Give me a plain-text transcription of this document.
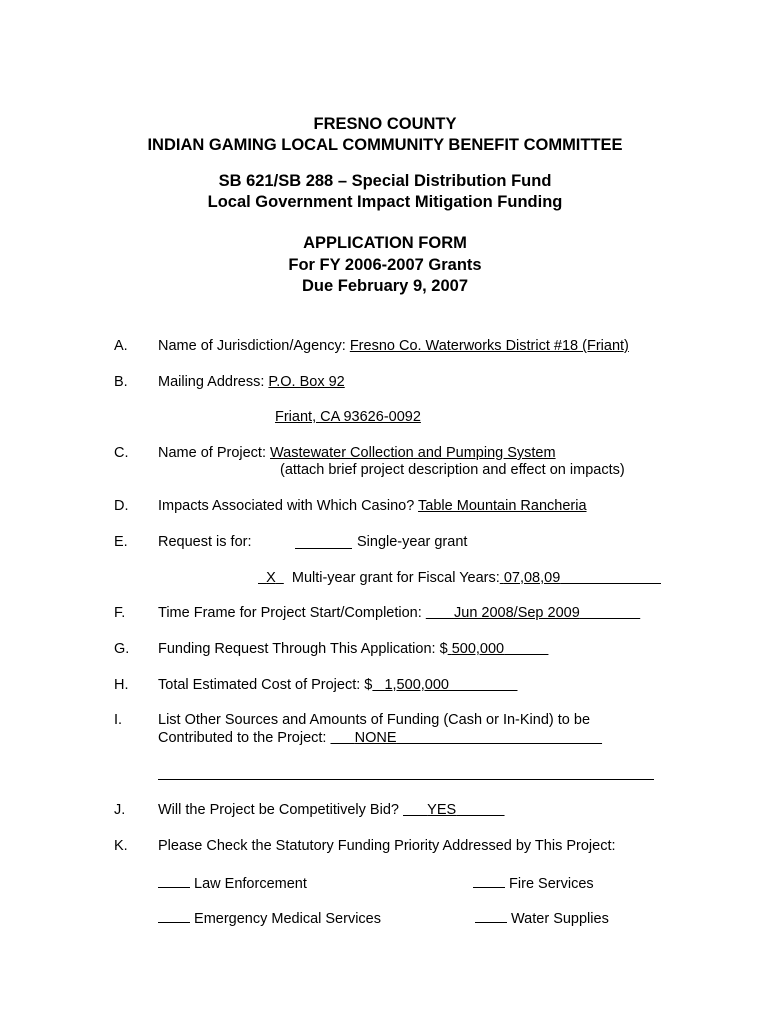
FRESNO COUNTY
INDIAN GAMING LOCAL COMMUNITY BENEFIT COMMITTEE
SB 621/SB 288 – Special Distribution Fund
Local Government Impact Mitigation Funding
APPLICATION FORM
For FY 2006-2007 Grants
Due February 9, 2007
A. Name of Jurisdiction/Agency: Fresno Co. Waterworks District #18 (Friant)
B. Mailing Address: P.O. Box 92
Friant, CA 93626-0092
C. Name of Project: Wastewater Collection and Pumping System
(attach brief project description and effect on impacts)
D. Impacts Associated with Which Casino? Table Mountain Rancheria
E. Request is for:	Single-year grant
X Multi-year grant for Fiscal Years: 07,08,09
F. Time Frame for Project Start/Completion:        Jun 2008/Sep 2009
G. Funding Request Through This Application: $ 500,000
H. Total Estimated Cost of Project: $ 1,500,000
I. List Other Sources and Amounts of Funding (Cash or In-Kind) to be
Contributed to the Project:       NONE
J. Will the Project be Competitively Bid?       YES
K. Please Check the Statutory Funding Priority Addressed by This Project:
Law Enforcement	Fire Services
Emergency Medical Services	Water Supplies
